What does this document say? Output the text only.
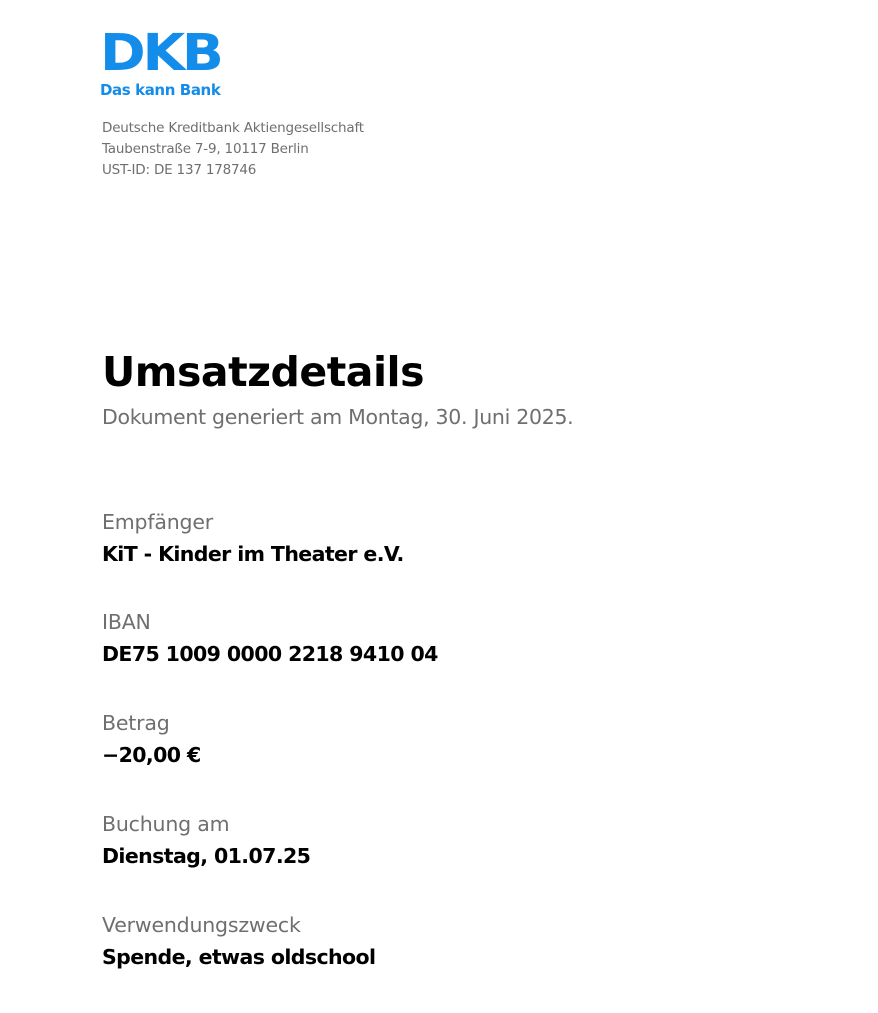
DKB
Das kann Bank
Deutsche Kreditbank Aktiengesellschaft
Taubenstraße 7-9, 10117 Berlin
UST-ID: DE 137 178746
Umsatzdetails
Dokument generiert am Montag, 30. Juni 2025.
Empfänger
KiT - Kinder im Theater e.V.
IBAN
DE75 1009 0000 2218 9410 04
Betrag
−20,00 €
Buchung am
Dienstag, 01.07.25
Verwendungszweck
Spende, etwas oldschool
